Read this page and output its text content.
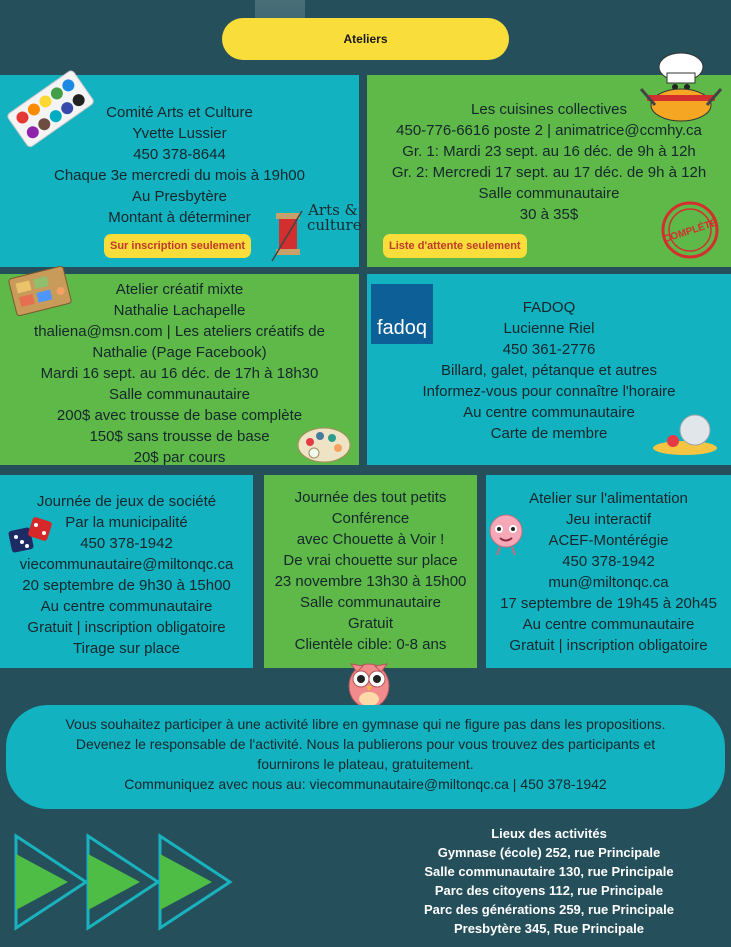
Ateliers
Comité Arts et Culture
Yvette Lussier
450 378-8644
Chaque 3e mercredi du mois à 19h00
Au Presbytère
Montant à déterminer
Sur inscription seulement
Arts &
culture
Les cuisines collectives
450-776-6616 poste 2 | animatrice@ccmhy.ca
Gr. 1: Mardi 23 sept. au 16 déc. de 9h à 12h
Gr. 2: Mercredi 17 sept. au 17 déc. de 9h à 12h
Salle communautaire
30 à 35$
Liste d'attente seulement
COMPLÉTÉ
Atelier créatif mixte
Nathalie Lachapelle
thaliena@msn.com | Les ateliers créatifs de
Nathalie (Page Facebook)
Mardi 16 sept. au 16 déc. de 17h à 18h30
Salle communautaire
200$ avec trousse de base complète
150$ sans trousse de base
20$ par cours
fadoq
FADOQ
Lucienne Riel
450 361-2776
Billard, galet, pétanque et autres
Informez-vous pour connaître l'horaire
Au centre communautaire
Carte de membre
Journée de jeux de société
Par la municipalité
450 378-1942
viecommunautaire@miltonqc.ca
20 septembre de 9h30 à 15h00
Au centre communautaire
Gratuit | inscription obligatoire
Tirage sur place
Journée des tout petits
Conférence
avec Chouette à Voir !
De vrai chouette sur place
23 novembre 13h30 à 15h00
Salle communautaire
Gratuit
Clientèle cible: 0-8 ans
Atelier sur l'alimentation
Jeu interactif
ACEF-Montérégie
450 378-1942
mun@miltonqc.ca
17 septembre de 19h45 à 20h45
Au centre communautaire
Gratuit | inscription obligatoire
Vous souhaitez participer à une activité libre en gymnase qui ne figure pas dans les propositions.
Devenez le responsable de l'activité. Nous la publierons pour vous trouvez des participants et
fournirons le plateau, gratuitement.
Communiquez avec nous au: viecommunautaire@miltonqc.ca | 450 378-1942
Lieux des activités
Gymnase (école) 252, rue Principale
Salle communautaire 130, rue Principale
Parc des citoyens 112, rue Principale
Parc des générations 259, rue Principale
Presbytère 345, Rue Principale
